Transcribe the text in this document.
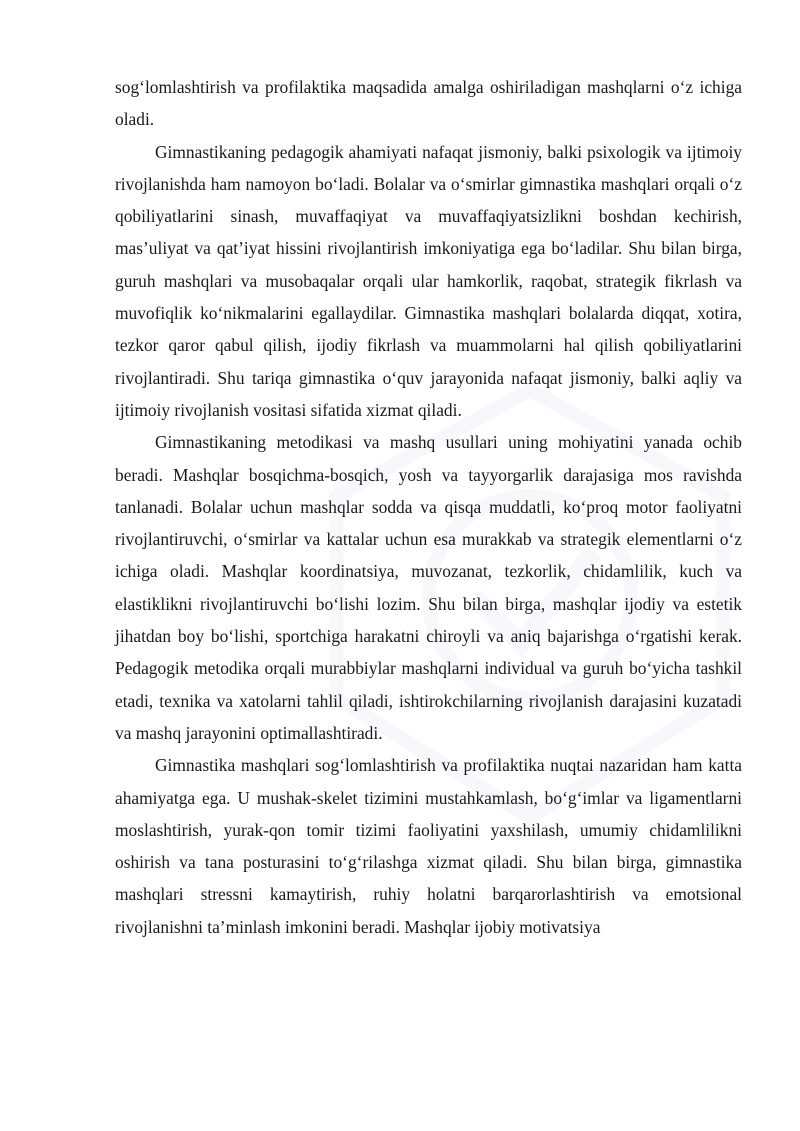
sog‘lomlashtirish va profilaktika maqsadida amalga oshiriladigan mashqlarni o‘z ichiga oladi.

Gimnastikaning pedagogik ahamiyati nafaqat jismoniy, balki psixologik va ijtimoiy rivojlanishda ham namoyon bo‘ladi. Bolalar va o‘smirlar gimnastika mashqlari orqali o‘z qobiliyatlarini sinash, muvaffaqiyat va muvaffaqiyatsizlikni boshdan kechirish, mas’uliyat va qat’iyat hissini rivojlantirish imkoniyatiga ega bo‘ladilar. Shu bilan birga, guruh mashqlari va musobaqalar orqali ular hamkorlik, raqobat, strategik fikrlash va muvofiqlik ko‘nikmalarini egallaydilar. Gimnastika mashqlari bolalarda diqqat, xotira, tezkor qaror qabul qilish, ijodiy fikrlash va muammolarni hal qilish qobiliyatlarini rivojlantiradi. Shu tariqa gimnastika o‘quv jarayonida nafaqat jismoniy, balki aqliy va ijtimoiy rivojlanish vositasi sifatida xizmat qiladi.

Gimnastikaning metodikasi va mashq usullari uning mohiyatini yanada ochib beradi. Mashqlar bosqichma-bosqich, yosh va tayyorgarlik darajasiga mos ravishda tanlanadi. Bolalar uchun mashqlar sodda va qisqa muddatli, ko‘proq motor faoliyatni rivojlantiruvchi, o‘smirlar va kattalar uchun esa murakkab va strategik elementlarni o‘z ichiga oladi. Mashqlar koordinatsiya, muvozanat, tezkorlik, chidamlilik, kuch va elastiklikni rivojlantiruvchi bo‘lishi lozim. Shu bilan birga, mashqlar ijodiy va estetik jihatdan boy bo‘lishi, sportchiga harakatni chiroyli va aniq bajarishga o‘rgatishi kerak. Pedagogik metodika orqali murabbiylar mashqlarni individual va guruh bo‘yicha tashkil etadi, texnika va xatolarni tahlil qiladi, ishtirokchilarning rivojlanish darajasini kuzatadi va mashq jarayonini optimallashtiradi.

Gimnastika mashqlari sog‘lomlashtirish va profilaktika nuqtai nazaridan ham katta ahamiyatga ega. U mushak-skelet tizimini mustahkamlash, bo‘g‘imlar va ligamentlarni moslashtirish, yurak-qon tomir tizimi faoliyatini yaxshilash, umumiy chidamlilikni oshirish va tana posturasini to‘g‘rilashga xizmat qiladi. Shu bilan birga, gimnastika mashqlari stressni kamaytirish, ruhiy holatni barqarorlashtirish va emotsional rivojlanishni ta’minlash imkonini beradi. Mashqlar ijobiy motivatsiya
